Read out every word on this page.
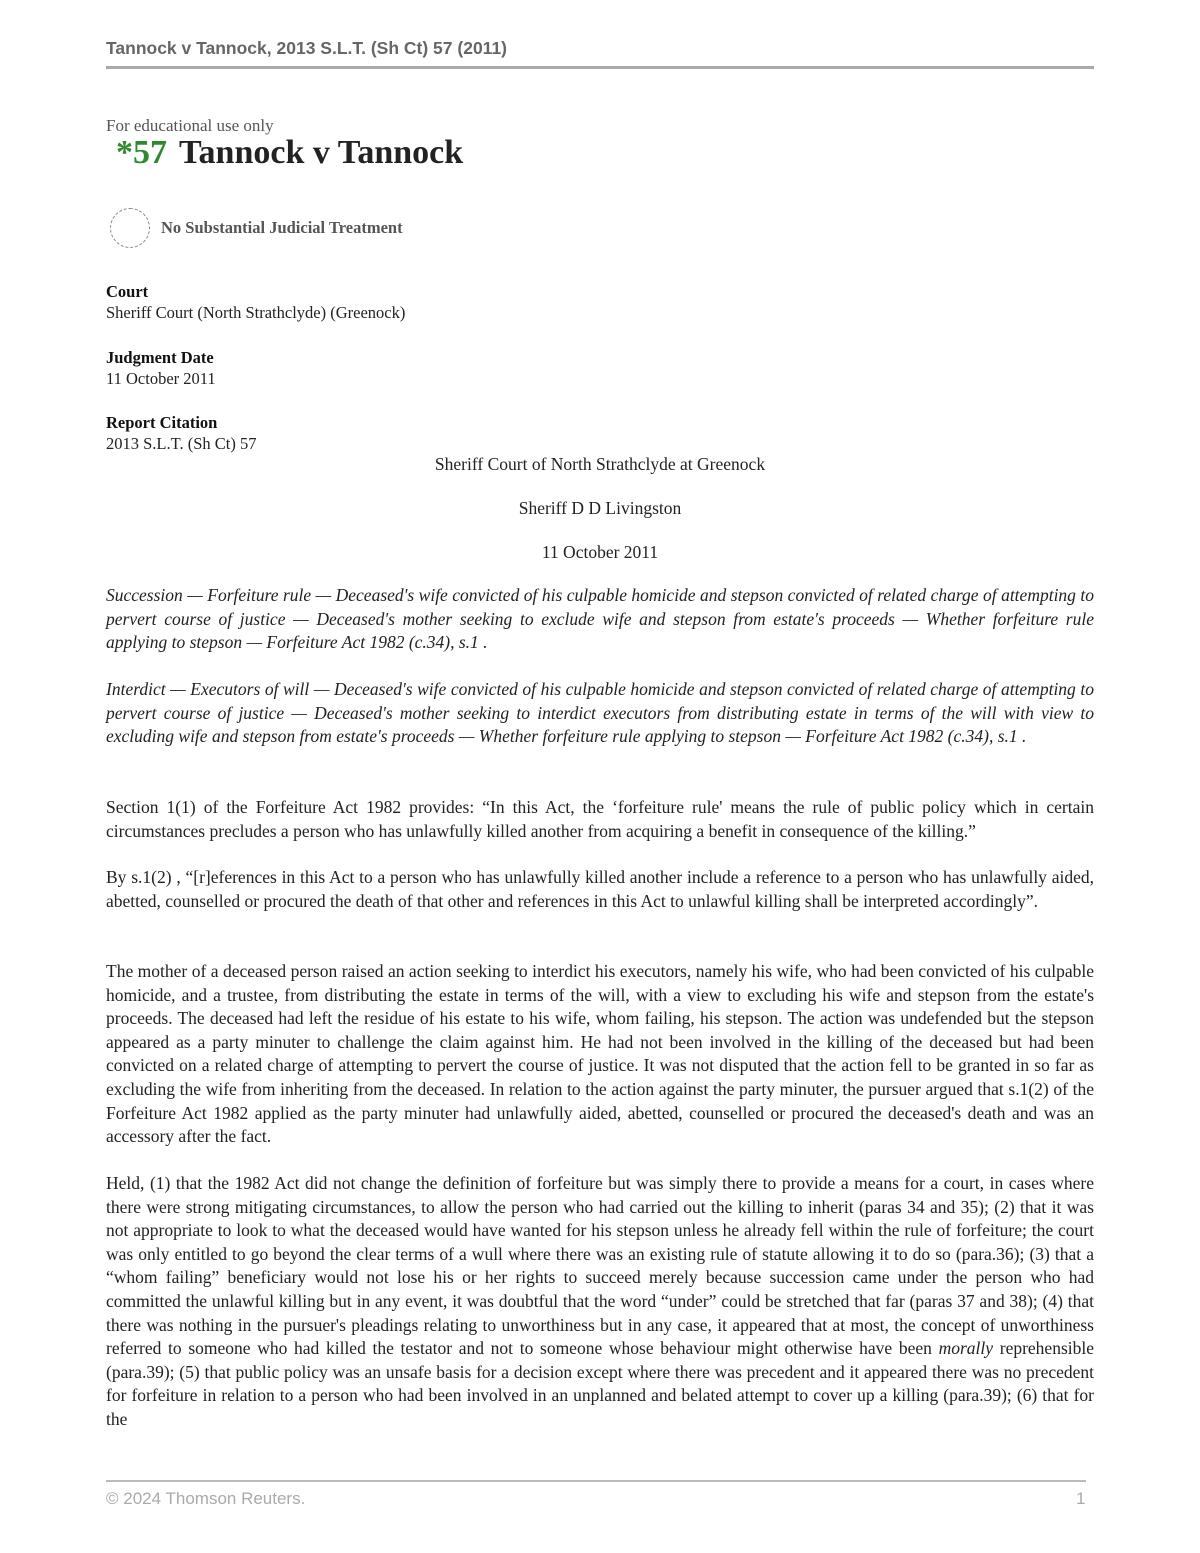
Tannock v Tannock, 2013 S.L.T. (Sh Ct) 57 (2011)
For educational use only
*57 Tannock v Tannock
No Substantial Judicial Treatment
Court
Sheriff Court (North Strathclyde) (Greenock)
Judgment Date
11 October 2011
Report Citation
2013 S.L.T. (Sh Ct) 57
Sheriff Court of North Strathclyde at Greenock
Sheriff D D Livingston
11 October 2011
Succession — Forfeiture rule — Deceased's wife convicted of his culpable homicide and stepson convicted of related charge of attempting to pervert course of justice — Deceased's mother seeking to exclude wife and stepson from estate's proceeds — Whether forfeiture rule applying to stepson — Forfeiture Act 1982 (c.34), s.1 .
Interdict — Executors of will — Deceased's wife convicted of his culpable homicide and stepson convicted of related charge of attempting to pervert course of justice — Deceased's mother seeking to interdict executors from distributing estate in terms of the will with view to excluding wife and stepson from estate's proceeds — Whether forfeiture rule applying to stepson — Forfeiture Act 1982 (c.34), s.1 .
Section 1(1) of the Forfeiture Act 1982 provides: “In this Act, the ‘forfeiture rule' means the rule of public policy which in certain circumstances precludes a person who has unlawfully killed another from acquiring a benefit in consequence of the killing.”
By s.1(2) , “[r]eferences in this Act to a person who has unlawfully killed another include a reference to a person who has unlawfully aided, abetted, counselled or procured the death of that other and references in this Act to unlawful killing shall be interpreted accordingly”.
The mother of a deceased person raised an action seeking to interdict his executors, namely his wife, who had been convicted of his culpable homicide, and a trustee, from distributing the estate in terms of the will, with a view to excluding his wife and stepson from the estate's proceeds. The deceased had left the residue of his estate to his wife, whom failing, his stepson. The action was undefended but the stepson appeared as a party minuter to challenge the claim against him. He had not been involved in the killing of the deceased but had been convicted on a related charge of attempting to pervert the course of justice. It was not disputed that the action fell to be granted in so far as excluding the wife from inheriting from the deceased. In relation to the action against the party minuter, the pursuer argued that s.1(2) of the Forfeiture Act 1982 applied as the party minuter had unlawfully aided, abetted, counselled or procured the deceased's death and was an accessory after the fact.
Held, (1) that the 1982 Act did not change the definition of forfeiture but was simply there to provide a means for a court, in cases where there were strong mitigating circumstances, to allow the person who had carried out the killing to inherit (paras 34 and 35); (2) that it was not appropriate to look to what the deceased would have wanted for his stepson unless he already fell within the rule of forfeiture; the court was only entitled to go beyond the clear terms of a wull where there was an existing rule of statute allowing it to do so (para.36); (3) that a “whom failing” beneficiary would not lose his or her rights to succeed merely because succession came under the person who had committed the unlawful killing but in any event, it was doubtful that the word “under” could be stretched that far (paras 37 and 38); (4) that there was nothing in the pursuer's pleadings relating to unworthiness but in any case, it appeared that at most, the concept of unworthiness referred to someone who had killed the testator and not to someone whose behaviour might otherwise have been morally reprehensible (para.39); (5) that public policy was an unsafe basis for a decision except where there was precedent and it appeared there was no precedent for forfeiture in relation to a person who had been involved in an unplanned and belated attempt to cover up a killing (para.39); (6) that for the
© 2024 Thomson Reuters.	1
